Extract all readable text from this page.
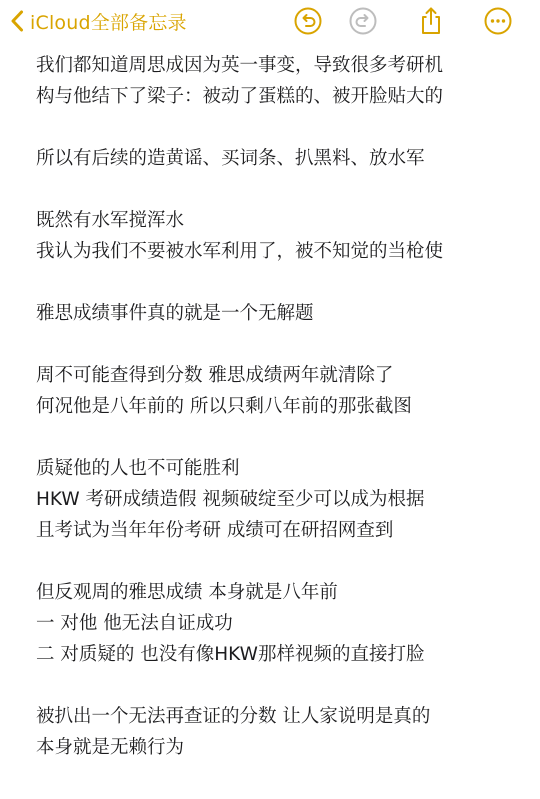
iCloud全部备忘录
我们都知道周思成因为英一事变，导致很多考研机
构与他结下了梁子：被动了蛋糕的、被开脸贴大的
所以有后续的造黄谣、买词条、扒黑料、放水军
既然有水军搅浑水
我认为我们不要被水军利用了，被不知觉的当枪使
雅思成绩事件真的就是一个无解题
周不可能查得到分数 雅思成绩两年就清除了
何况他是八年前的 所以只剩八年前的那张截图
质疑他的人也不可能胜利
HKW 考研成绩造假 视频破绽至少可以成为根据
且考试为当年年份考研 成绩可在研招网查到
但反观周的雅思成绩 本身就是八年前
一 对他 他无法自证成功
二 对质疑的 也没有像HKW那样视频的直接打脸
被扒出一个无法再查证的分数 让人家说明是真的
本身就是无赖行为
